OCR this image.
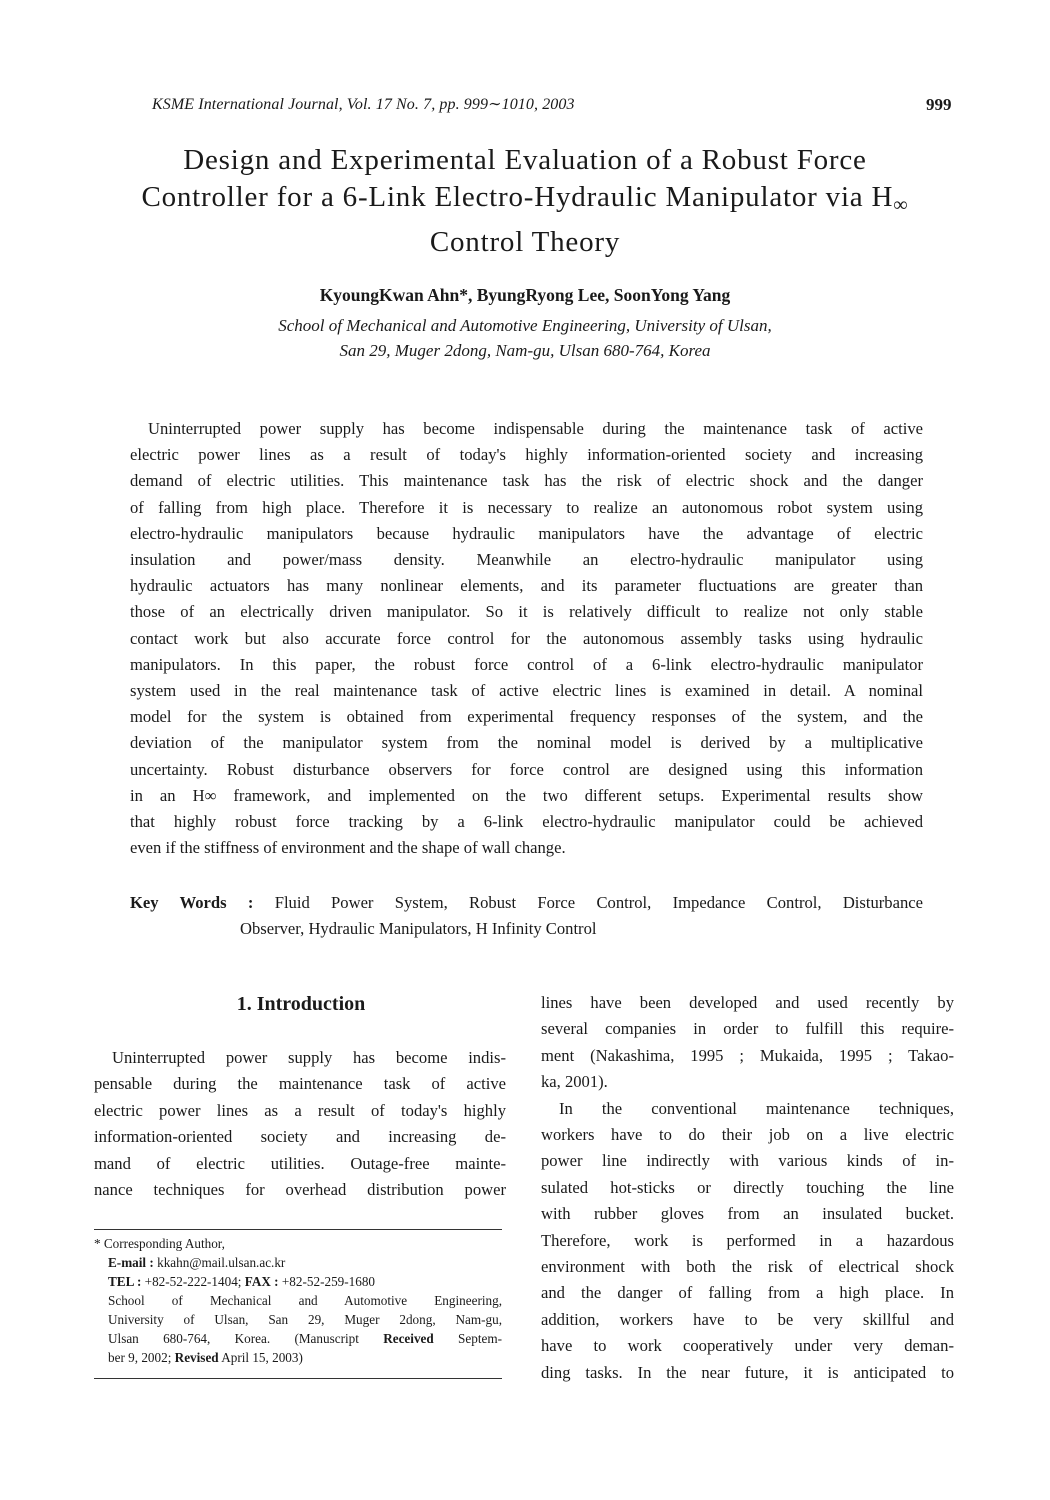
KSME International Journal, Vol. 17 No. 7, pp. 999∼1010, 2003	999
Design and Experimental Evaluation of a Robust Force
Controller for a 6-Link Electro-Hydraulic Manipulator via $H_\infty$
Control Theory
KyoungKwan Ahn*, ByungRyong Lee, SoonYong Yang
School of Mechanical and Automotive Engineering, University of Ulsan,
San 29, Muger 2dong, Nam-gu, Ulsan 680-764, Korea
Uninterrupted power supply has become indispensable during the maintenance task of active
electric power lines as a result of today's highly information-oriented society and increasing
demand of electric utilities. This maintenance task has the risk of electric shock and the danger
of falling from high place. Therefore it is necessary to realize an autonomous robot system using
electro-hydraulic manipulators because hydraulic manipulators have the advantage of electric
insulation and power/mass density. Meanwhile an electro-hydraulic manipulator using
hydraulic actuators has many nonlinear elements, and its parameter fluctuations are greater than
those of an electrically driven manipulator. So it is relatively difficult to realize not only stable
contact work but also accurate force control for the autonomous assembly tasks using hydraulic
manipulators. In this paper, the robust force control of a 6-link electro-hydraulic manipulator
system used in the real maintenance task of active electric lines is examined in detail. A nominal
model for the system is obtained from experimental frequency responses of the system, and the
deviation of the manipulator system from the nominal model is derived by a multiplicative
uncertainty. Robust disturbance observers for force control are designed using this information
in an H∞ framework, and implemented on the two different setups. Experimental results show
that highly robust force tracking by a 6-link electro-hydraulic manipulator could be achieved
even if the stiffness of environment and the shape of wall change.
Key Words : Fluid Power System, Robust Force Control, Impedance Control, Disturbance
Observer, Hydraulic Manipulators, H Infinity Control
1. Introduction
Uninterrupted power supply has become indis-
pensable during the maintenance task of active
electric power lines as a result of today's highly
information-oriented society and increasing de-
mand of electric utilities. Outage-free mainte-
nance techniques for overhead distribution power
lines have been developed and used recently by
several companies in order to fulfill this require-
ment (Nakashima, 1995 ; Mukaida, 1995 ; Takao-
ka, 2001).
In the conventional maintenance techniques,
workers have to do their job on a live electric
power line indirectly with various kinds of in-
sulated hot-sticks or directly touching the line
with rubber gloves from an insulated bucket.
Therefore, work is performed in a hazardous
environment with both the risk of electrical shock
and the danger of falling from a high place. In
addition, workers have to be very skillful and
have to work cooperatively under very deman-
ding tasks. In the near future, it is anticipated to
* Corresponding Author,
E-mail : kkahn@mail.ulsan.ac.kr
TEL : +82-52-222-1404; FAX : +82-52-259-1680
School of Mechanical and Automotive Engineering,
University of Ulsan, San 29, Muger 2dong, Nam-gu,
Ulsan 680-764, Korea. (Manuscript Received Septem-
ber 9, 2002; Revised April 15, 2003)
